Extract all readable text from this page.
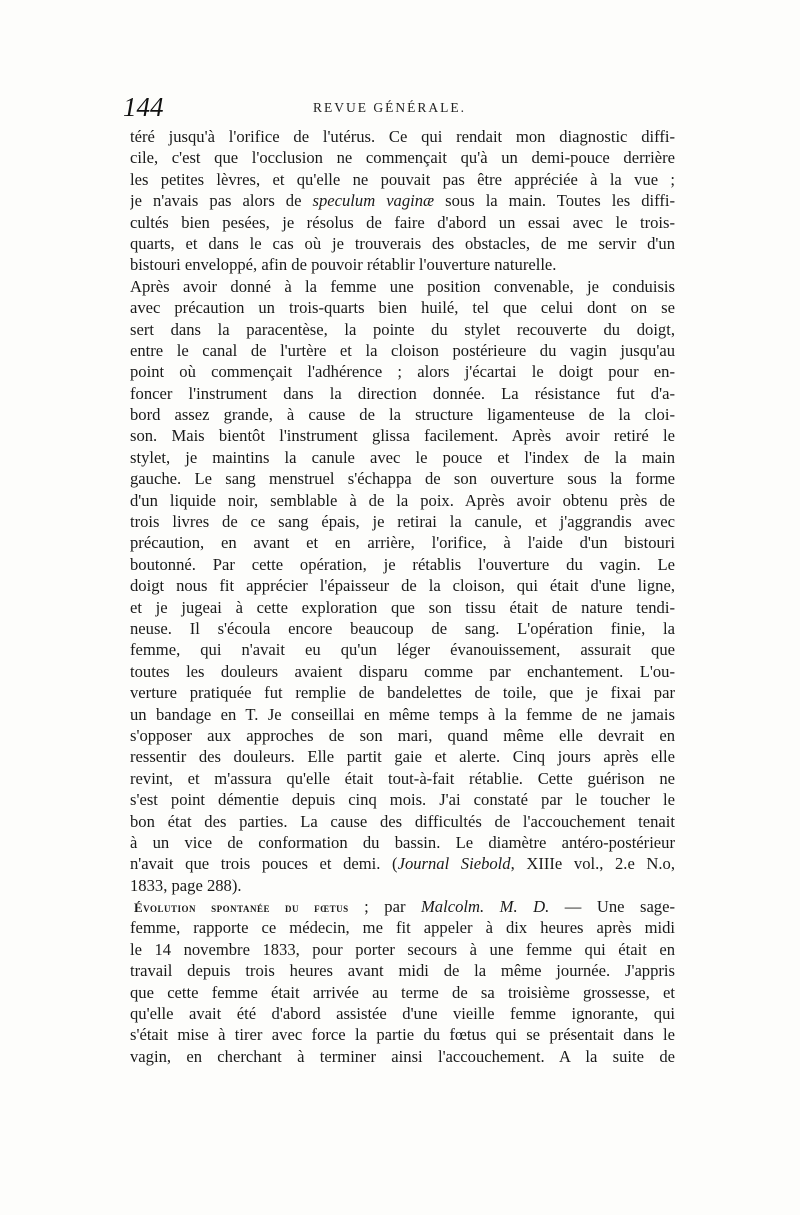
144	REVUE GÉNÉRALE.
téré jusqu'à l'orifice de l'utérus. Ce qui rendait mon diagnostic diffi-
cile, c'est que l'occlusion ne commençait qu'à un demi-pouce derrière
les petites lèvres, et qu'elle ne pouvait pas être appréciée à la vue ;
je n'avais pas alors de speculum vaginæ sous la main. Toutes les diffi-
cultés bien pesées, je résolus de faire d'abord un essai avec le trois-
quarts, et dans le cas où je trouverais des obstacles, de me servir d'un
bistouri enveloppé, afin de pouvoir rétablir l'ouverture naturelle.
Après avoir donné à la femme une position convenable, je conduisis
avec précaution un trois-quarts bien huilé, tel que celui dont on se
sert dans la paracentèse, la pointe du stylet recouverte du doigt,
entre le canal de l'urtère et la cloison postérieure du vagin jusqu'au
point où commençait l'adhérence ; alors j'écartai le doigt pour en-
foncer l'instrument dans la direction donnée. La résistance fut d'a-
bord assez grande, à cause de la structure ligamenteuse de la cloi-
son. Mais bientôt l'instrument glissa facilement. Après avoir retiré le
stylet, je maintins la canule avec le pouce et l'index de la main
gauche. Le sang menstruel s'échappa de son ouverture sous la forme
d'un liquide noir, semblable à de la poix. Après avoir obtenu près de
trois livres de ce sang épais, je retirai la canule, et j'aggrandis avec
précaution, en avant et en arrière, l'orifice, à l'aide d'un bistouri
boutonné. Par cette opération, je rétablis l'ouverture du vagin. Le
doigt nous fit apprécier l'épaisseur de la cloison, qui était d'une ligne,
et je jugeai à cette exploration que son tissu était de nature tendi-
neuse. Il s'écoula encore beaucoup de sang. L'opération finie, la
femme, qui n'avait eu qu'un léger évanouissement, assurait que
toutes les douleurs avaient disparu comme par enchantement. L'ou-
verture pratiquée fut remplie de bandelettes de toile, que je fixai par
un bandage en T. Je conseillai en même temps à la femme de ne jamais
s'opposer aux approches de son mari, quand même elle devrait en
ressentir des douleurs. Elle partit gaie et alerte. Cinq jours après elle
revint, et m'assura qu'elle était tout-à-fait rétablie. Cette guérison ne
s'est point démentie depuis cinq mois. J'ai constaté par le toucher le
bon état des parties. La cause des difficultés de l'accouchement tenait
à un vice de conformation du bassin. Le diamètre antéro-postérieur
n'avait que trois pouces et demi. (Journal Siebold, XIIIe vol., 2.e N.o,
1833, page 288).
Évolution spontanée du fœtus ; par Malcolm. M. D. — Une sage-
femme, rapporte ce médecin, me fit appeler à dix heures après midi
le 14 novembre 1833, pour porter secours à une femme qui était en
travail depuis trois heures avant midi de la même journée. J'appris
que cette femme était arrivée au terme de sa troisième grossesse, et
qu'elle avait été d'abord assistée d'une vieille femme ignorante, qui
s'était mise à tirer avec force la partie du fœtus qui se présentait dans le
vagin, en cherchant à terminer ainsi l'accouchement. A la suite de
